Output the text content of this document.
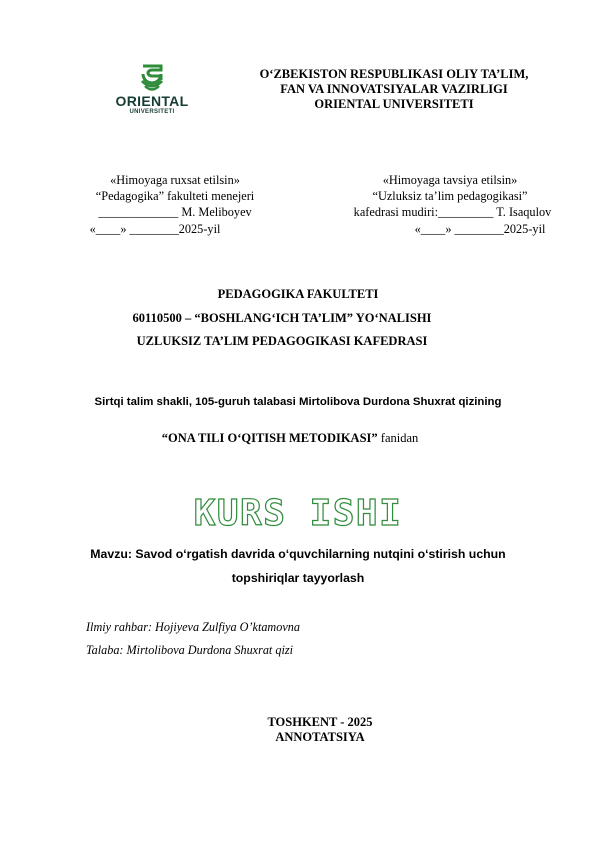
ORIENTAL
UNIVERSITETI
O‘ZBEKISTON RESPUBLIKASI OLIY TA’LIM,
FAN VA INNOVATSIYALAR VAZIRLIGI
ORIENTAL UNIVERSITETI
«Himoyaga ruxsat etilsin»
“Pedagogika” fakulteti menejeri
_____________ M. Meliboyev
«____» ________2025-yil
«Himoyaga tavsiya etilsin»
“Uzluksiz ta’lim pedagogikasi”
kafedrasi mudiri:_________ T. Isaqulov
«____» ________2025-yil
PEDAGOGIKA FAKULTETI
60110500 – “BOSHLANG‘ICH TA’LIM” YO‘NALISHI
UZLUKSIZ TA’LIM PEDAGOGIKASI KAFEDRASI
Sirtqi talim shakli, 105-guruh talabasi Mirtolibova Durdona Shuxrat qizining
“ONA TILI O‘QITISH METODIKASI” fanidan
KURS ISHI
Mavzu: Savod o‘rgatish davrida o‘quvchilarning nutqini o‘stirish uchun
topshiriqlar tayyorlash
Ilmiy rahbar: Hojiyeva Zulfiya O’ktamovna
Talaba: Mirtolibova Durdona Shuxrat qizi
TOSHKENT - 2025
ANNOTATSIYA
